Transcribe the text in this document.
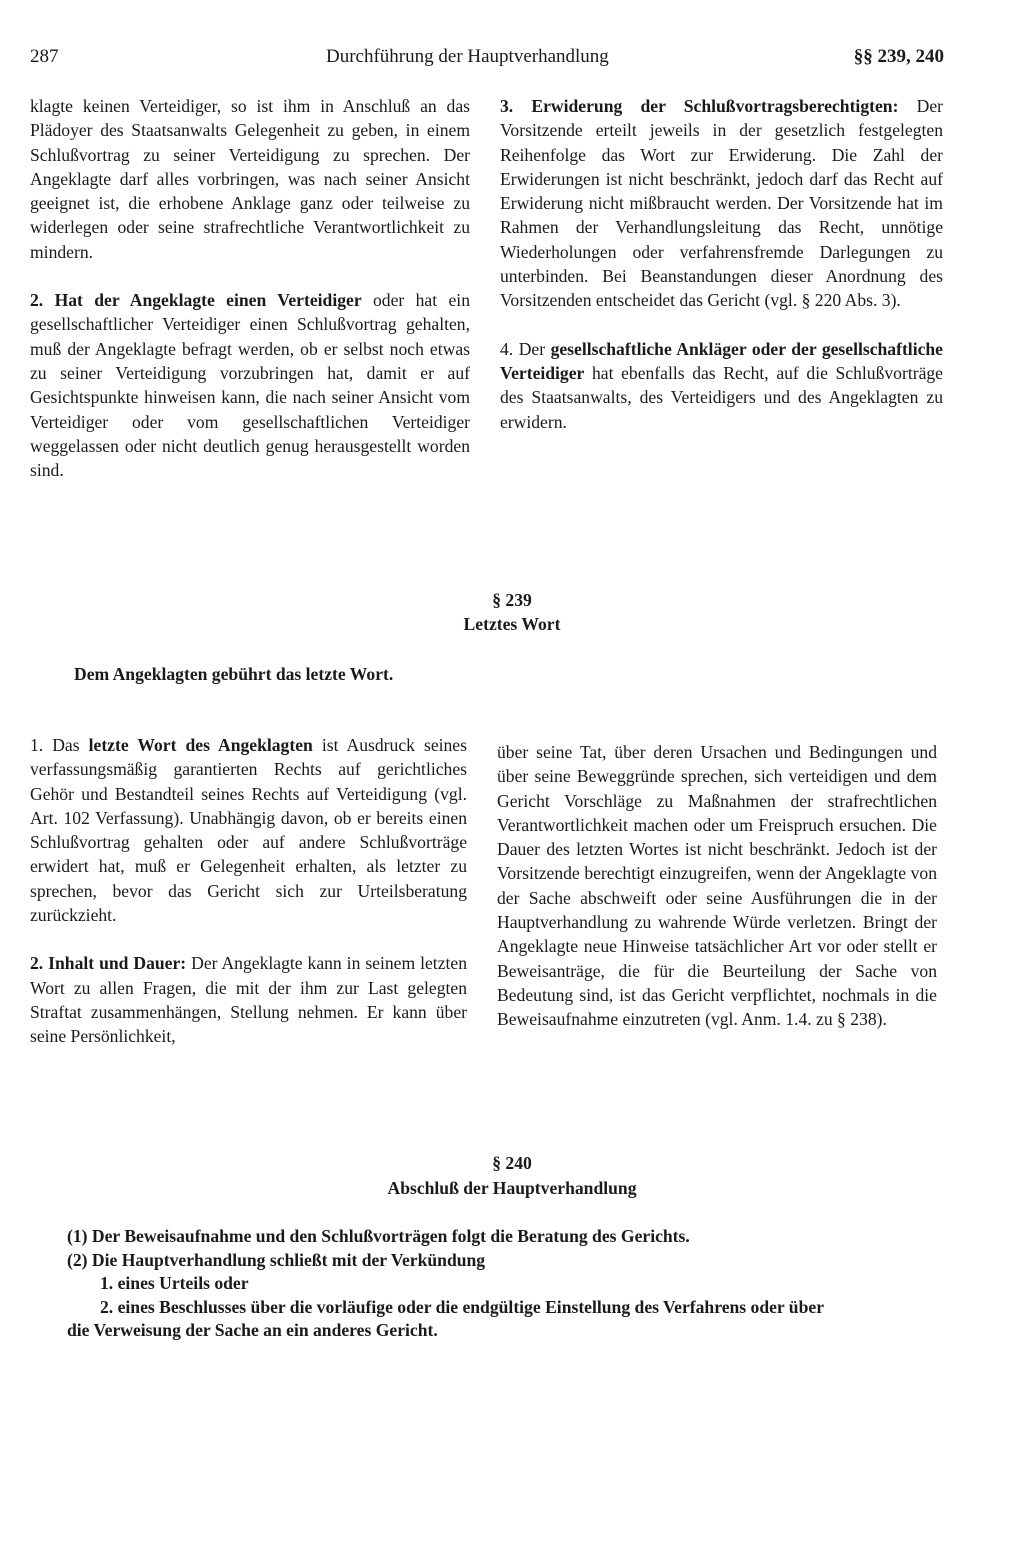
287	Durchführung der Hauptverhandlung	§§ 239, 240

klagte keinen Verteidiger, so ist ihm in Anschluß an das Plädoyer des Staatsanwalts Gelegenheit zu geben, in einem Schlußvortrag zu seiner Verteidigung zu sprechen. Der Angeklagte darf alles vorbringen, was nach seiner Ansicht geeignet ist, die erhobene Anklage ganz oder teilweise zu widerlegen oder seine strafrechtliche Verantwortlichkeit zu mindern.

2. Hat der Angeklagte einen Verteidiger oder hat ein gesellschaftlicher Verteidiger einen Schlußvortrag gehalten, muß der Angeklagte befragt werden, ob er selbst noch etwas zu seiner Verteidigung vorzubringen hat, damit er auf Gesichtspunkte hinweisen kann, die nach seiner Ansicht vom Verteidiger oder vom gesellschaftlichen Verteidiger weggelassen oder nicht deutlich genug herausgestellt worden sind.

3. Erwiderung der Schlußvortragsberechtigten: Der Vorsitzende erteilt jeweils in der gesetzlich festgelegten Reihenfolge das Wort zur Erwiderung. Die Zahl der Erwiderungen ist nicht beschränkt, jedoch darf das Recht auf Erwiderung nicht mißbraucht werden. Der Vorsitzende hat im Rahmen der Verhandlungsleitung das Recht, unnötige Wiederholungen oder verfahrensfremde Darlegungen zu unterbinden. Bei Beanstandungen dieser Anordnung des Vorsitzenden entscheidet das Gericht (vgl. § 220 Abs. 3).

4. Der gesellschaftliche Ankläger oder der gesellschaftliche Verteidiger hat ebenfalls das Recht, auf die Schlußvorträge des Staatsanwalts, des Verteidigers und des Angeklagten zu erwidern.

§ 239
Letztes Wort
Dem Angeklagten gebührt das letzte Wort.

1. Das letzte Wort des Angeklagten ist Ausdruck seines verfassungsmäßig garantierten Rechts auf gerichtliches Gehör und Bestandteil seines Rechts auf Verteidigung (vgl. Art. 102 Verfassung). Unabhängig davon, ob er bereits einen Schlußvortrag gehalten oder auf andere Schlußvorträge erwidert hat, muß er Gelegenheit erhalten, als letzter zu sprechen, bevor das Gericht sich zur Urteilsberatung zurückzieht.

2. Inhalt und Dauer: Der Angeklagte kann in seinem letzten Wort zu allen Fragen, die mit der ihm zur Last gelegten Straftat zusammenhängen, Stellung nehmen. Er kann über seine Persönlichkeit,

über seine Tat, über deren Ursachen und Bedingungen und über seine Beweggründe sprechen, sich verteidigen und dem Gericht Vorschläge zu Maßnahmen der strafrechtlichen Verantwortlichkeit machen oder um Freispruch ersuchen. Die Dauer des letzten Wortes ist nicht beschränkt. Jedoch ist der Vorsitzende berechtigt einzugreifen, wenn der Angeklagte von der Sache abschweift oder seine Ausführungen die in der Hauptverhandlung zu wahrende Würde verletzen. Bringt der Angeklagte neue Hinweise tatsächlicher Art vor oder stellt er Beweisanträge, die für die Beurteilung der Sache von Bedeutung sind, ist das Gericht verpflichtet, nochmals in die Beweisaufnahme einzutreten (vgl. Anm. 1.4. zu § 238).

§ 240
Abschluß der Hauptverhandlung
(1) Der Beweisaufnahme und den Schlußvorträgen folgt die Beratung des Gerichts.
(2) Die Hauptverhandlung schließt mit der Verkündung
1. eines Urteils oder
2. eines Beschlusses über die vorläufige oder die endgültige Einstellung des Verfahrens oder über
die Verweisung der Sache an ein anderes Gericht.
